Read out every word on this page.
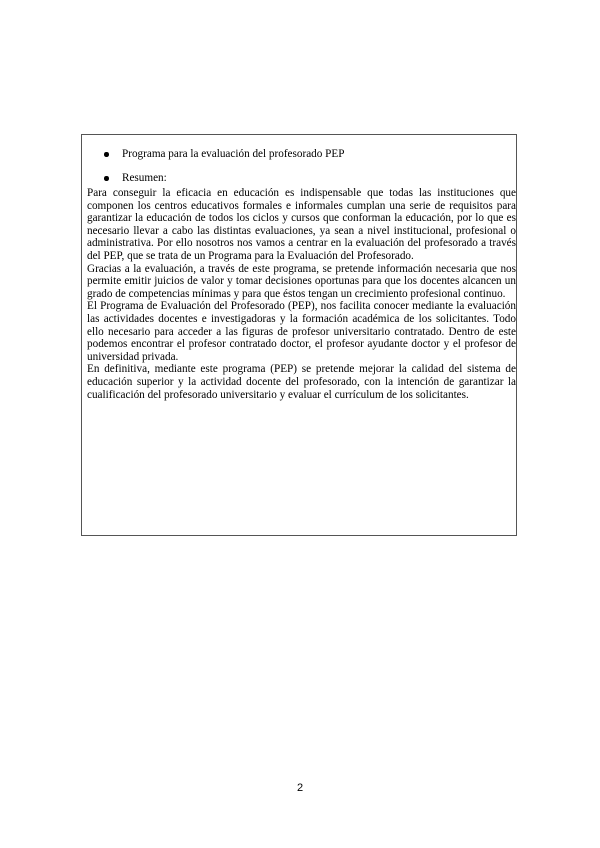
Programa para la evaluación del profesorado PEP
Resumen:

Para conseguir la eficacia en educación es indispensable que todas las instituciones que componen los centros educativos formales e informales cumplan una serie de requisitos para garantizar la educación de todos los ciclos y cursos que conforman la educación, por lo que es necesario llevar a cabo las distintas evaluaciones, ya sean a nivel institucional, profesional o administrativa. Por ello nosotros nos vamos a centrar en la evaluación del profesorado a través del PEP, que se trata de un Programa para la Evaluación del Profesorado.

Gracias a la evaluación, a través de este programa, se pretende información necesaria que nos permite emitir juicios de valor y tomar decisiones oportunas para que los docentes alcancen un grado de competencias mínimas y para que éstos tengan un crecimiento profesional continuo.

El Programa de Evaluación del Profesorado (PEP), nos facilita conocer mediante la evaluación las actividades docentes e investigadoras y la formación académica de los solicitantes. Todo ello necesario para acceder a las figuras de profesor universitario contratado. Dentro de este podemos encontrar el profesor contratado doctor, el profesor ayudante doctor y el profesor de universidad privada.

En definitiva, mediante este programa (PEP) se pretende mejorar la calidad del sistema de educación superior y la actividad docente del profesorado, con la intención de garantizar la cualificación del profesorado universitario y evaluar el currículum de los solicitantes.

2
